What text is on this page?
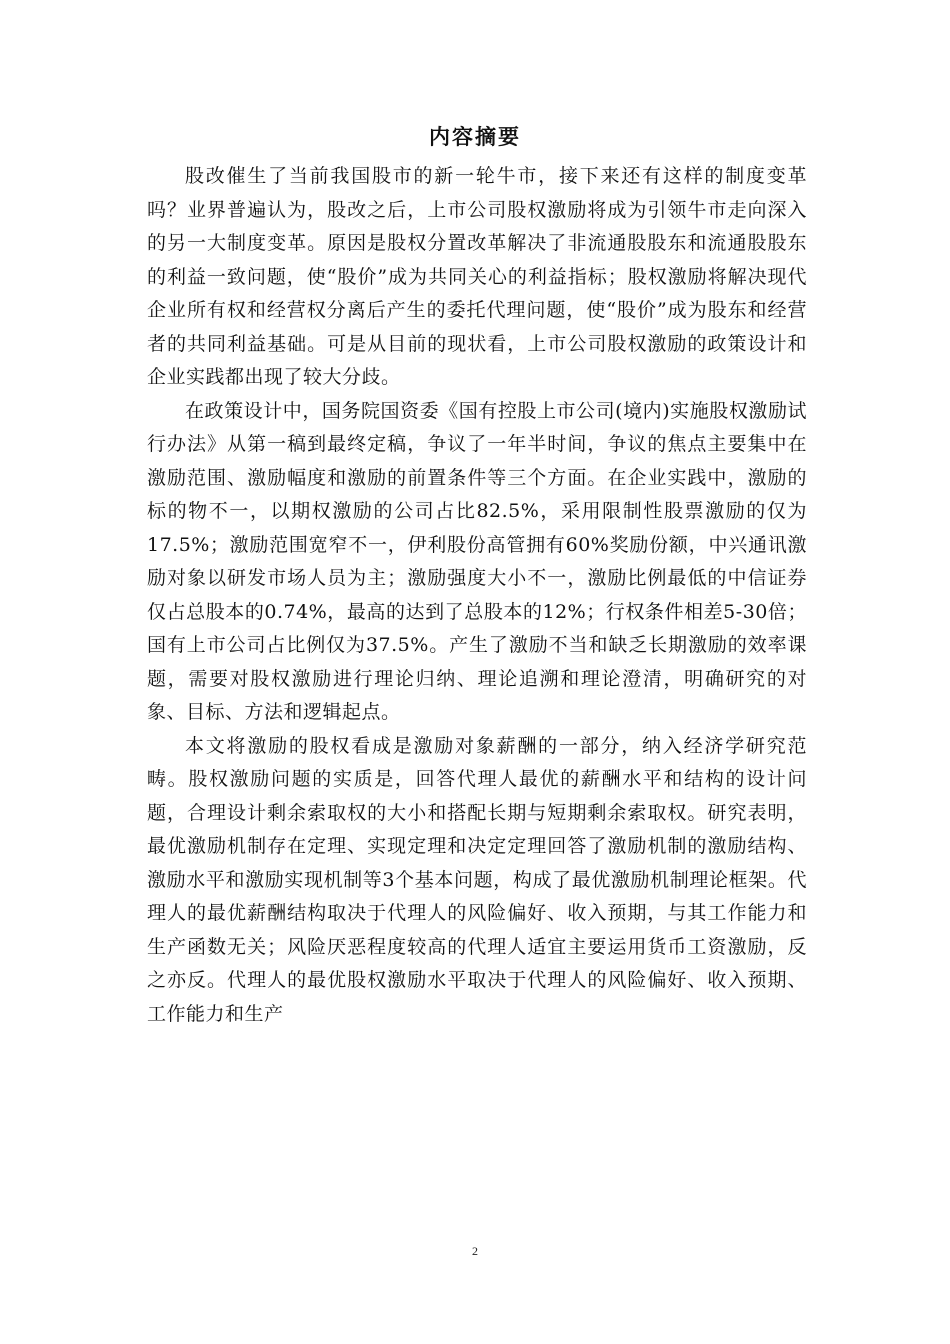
内容摘要

股改催生了当前我国股市的新一轮牛市，接下来还有这样的制度变革吗？业界普遍认为，股改之后，上市公司股权激励将成为引领牛市走向深入的另一大制度变革。原因是股权分置改革解决了非流通股股东和流通股股东的利益一致问题，使“股价”成为共同关心的利益指标；股权激励将解决现代企业所有权和经营权分离后产生的委托代理问题，使“股价”成为股东和经营者的共同利益基础。可是从目前的现状看，上市公司股权激励的政策设计和企业实践都出现了较大分歧。

在政策设计中，国务院国资委《国有控股上市公司(境内)实施股权激励试行办法》从第一稿到最终定稿，争议了一年半时间，争议的焦点主要集中在激励范围、激励幅度和激励的前置条件等三个方面。在企业实践中，激励的标的物不一，以期权激励的公司占比82.5%，采用限制性股票激励的仅为17.5%；激励范围宽窄不一，伊利股份高管拥有60%奖励份额，中兴通讯激励对象以研发市场人员为主；激励强度大小不一，激励比例最低的中信证券仅占总股本的0.74%，最高的达到了总股本的12%；行权条件相差5-30倍；国有上市公司占比例仅为37.5%。产生了激励不当和缺乏长期激励的效率课题，需要对股权激励进行理论归纳、理论追溯和理论澄清，明确研究的对象、目标、方法和逻辑起点。

本文将激励的股权看成是激励对象薪酬的一部分，纳入经济学研究范畴。股权激励问题的实质是，回答代理人最优的薪酬水平和结构的设计问题，合理设计剩余索取权的大小和搭配长期与短期剩余索取权。研究表明，最优激励机制存在定理、实现定理和决定定理回答了激励机制的激励结构、激励水平和激励实现机制等3个基本问题，构成了最优激励机制理论框架。代理人的最优薪酬结构取决于代理人的风险偏好、收入预期，与其工作能力和生产函数无关；风险厌恶程度较高的代理人适宜主要运用货币工资激励，反之亦反。代理人的最优股权激励水平取决于代理人的风险偏好、收入预期、工作能力和生产

2
